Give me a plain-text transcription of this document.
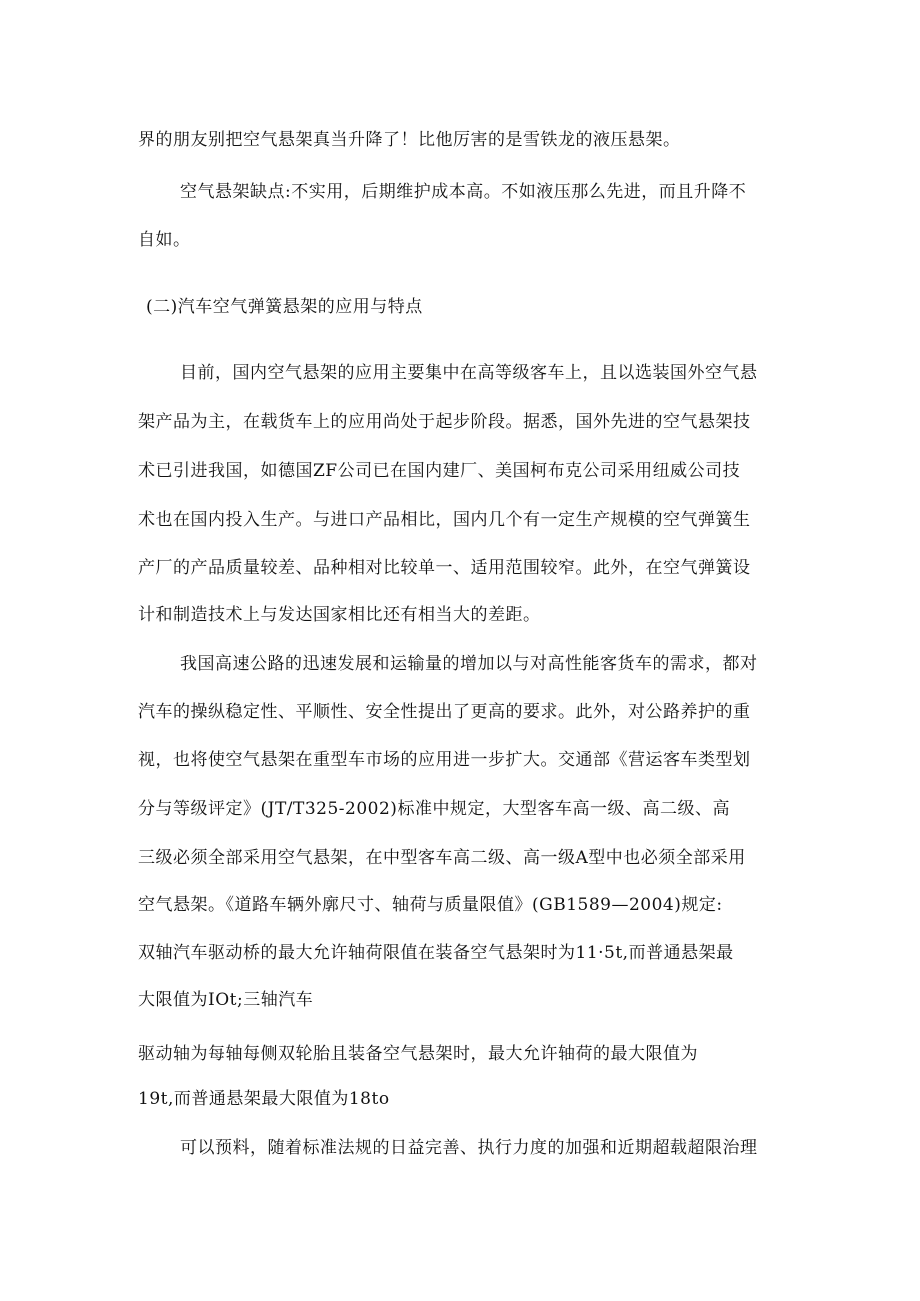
界的朋友别把空气悬架真当升降了！比他厉害的是雪铁龙的液压悬架。
空气悬架缺点:不实用，后期维护成本高。不如液压那么先进，而且升降不
自如。
(二)汽车空气弹簧悬架的应用与特点
目前，国内空气悬架的应用主要集中在高等级客车上，且以选装国外空气悬
架产品为主，在载货车上的应用尚处于起步阶段。据悉，国外先进的空气悬架技
术已引进我国，如德国ZF公司已在国内建厂、美国柯布克公司采用纽威公司技
术也在国内投入生产。与进口产品相比，国内几个有一定生产规模的空气弹簧生
产厂的产品质量较差、品种相对比较单一、适用范围较窄。此外，在空气弹簧设
计和制造技术上与发达国家相比还有相当大的差距。
我国高速公路的迅速发展和运输量的增加以与对高性能客货车的需求，都对
汽车的操纵稳定性、平顺性、安全性提出了更高的要求。此外，对公路养护的重
视，也将使空气悬架在重型车市场的应用进一步扩大。交通部《营运客车类型划
分与等级评定》(JT/T325-2002)标准中规定，大型客车高一级、高二级、高
三级必须全部采用空气悬架，在中型客车高二级、高一级A型中也必须全部采用
空气悬架。《道路车辆外廓尺寸、轴荷与质量限值》(GB1589—2004)规定:
双轴汽车驱动桥的最大允许轴荷限值在装备空气悬架时为11·5t,而普通悬架最
大限值为IOt;三轴汽车
驱动轴为每轴每侧双轮胎且装备空气悬架时，最大允许轴荷的最大限值为
19t,而普通悬架最大限值为18to
可以预料，随着标准法规的日益完善、执行力度的加强和近期超载超限治理
